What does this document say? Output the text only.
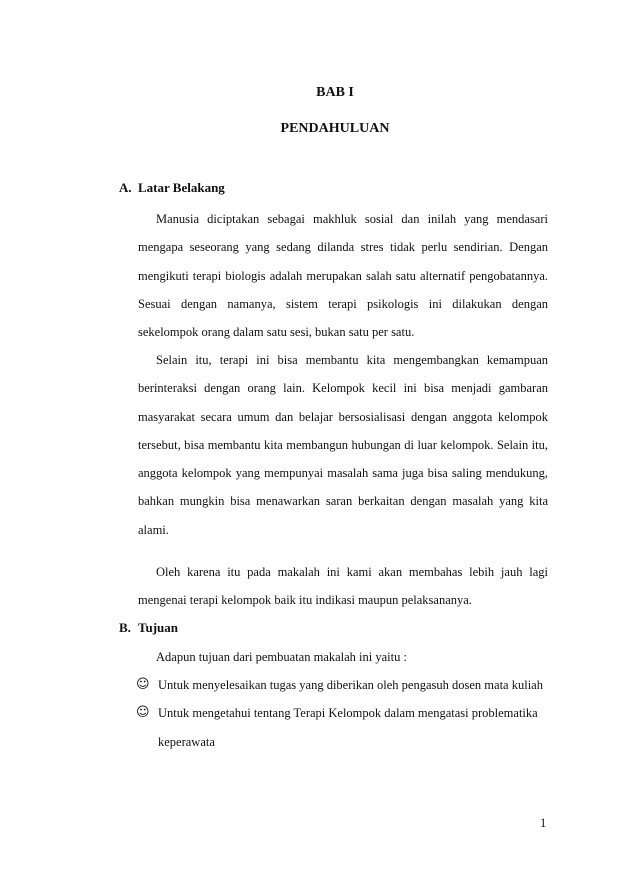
BAB I

PENDAHULUAN

A. Latar Belakang

Manusia diciptakan sebagai makhluk sosial dan inilah yang mendasari mengapa seseorang yang sedang dilanda stres tidak perlu sendirian. Dengan mengikuti terapi biologis adalah merupakan salah satu alternatif pengobatannya. Sesuai dengan namanya, sistem terapi psikologis ini dilakukan dengan sekelompok orang dalam satu sesi, bukan satu per satu.

Selain itu, terapi ini bisa membantu kita mengembangkan kemampuan berinteraksi dengan orang lain. Kelompok kecil ini bisa menjadi gambaran masyarakat secara umum dan belajar bersosialisasi dengan anggota kelompok tersebut, bisa membantu kita membangun hubungan di luar kelompok. Selain itu, anggota kelompok yang mempunyai masalah sama juga bisa saling mendukung, bahkan mungkin bisa menawarkan saran berkaitan dengan masalah yang kita alami.

Oleh karena itu pada makalah ini kami akan membahas lebih jauh lagi mengenai terapi kelompok baik itu indikasi maupun pelaksananya.

B. Tujuan

Adapun tujuan dari pembuatan makalah ini yaitu :

☺ Untuk menyelesaikan tugas yang diberikan oleh pengasuh dosen mata kuliah
☺ Untuk mengetahui tentang Terapi Kelompok dalam mengatasi problematika keperawata

1
